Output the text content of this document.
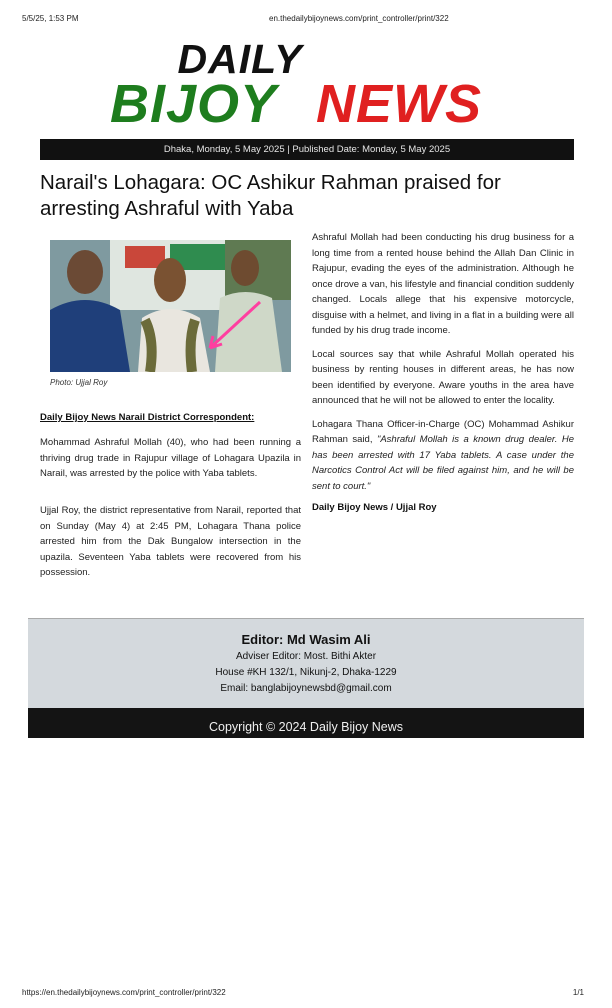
5/5/25, 1:53 PM	en.thedailybijoynews.com/print_controller/print/322
DAILY
BIJOY NEWS
Dhaka, Monday, 5 May 2025 | Published Date: Monday, 5 May 2025
Narail's Lohagara: OC Ashikur Rahman praised for arresting Ashraful with Yaba
Photo: Ujjal Roy
Daily Bijoy News Narail District Correspondent:

Mohammad Ashraful Mollah (40), who had been running a thriving drug trade in Rajupur village of Lohagara Upazila in Narail, was arrested by the police with Yaba tablets.

Ujjal Roy, the district representative from Narail, reported that on Sunday (May 4) at 2:45 PM, Lohagara Thana police arrested him from the Dak Bungalow intersection in the upazila. Seventeen Yaba tablets were recovered from his possession.

Ashraful Mollah had been conducting his drug business for a long time from a rented house behind the Allah Dan Clinic in Rajupur, evading the eyes of the administration. Although he once drove a van, his lifestyle and financial condition suddenly changed. Locals allege that his expensive motorcycle, disguise with a helmet, and living in a flat in a building were all funded by his drug trade income.

Local sources say that while Ashraful Mollah operated his business by renting houses in different areas, he has now been identified by everyone. Aware youths in the area have announced that he will not be allowed to enter the locality.

Lohagara Thana Officer-in-Charge (OC) Mohammad Ashikur Rahman said, "Ashraful Mollah is a known drug dealer. He has been arrested with 17 Yaba tablets. A case under the Narcotics Control Act will be filed against him, and he will be sent to court."

Daily Bijoy News / Ujjal Roy
Editor: Md Wasim Ali
Adviser Editor: Most. Bithi Akter
House #KH 132/1, Nikunj-2, Dhaka-1229
Email: banglabijoynewsbd@gmail.com
Copyright © 2024 Daily Bijoy News
https://en.thedailybijoynews.com/print_controller/print/322	1/1
